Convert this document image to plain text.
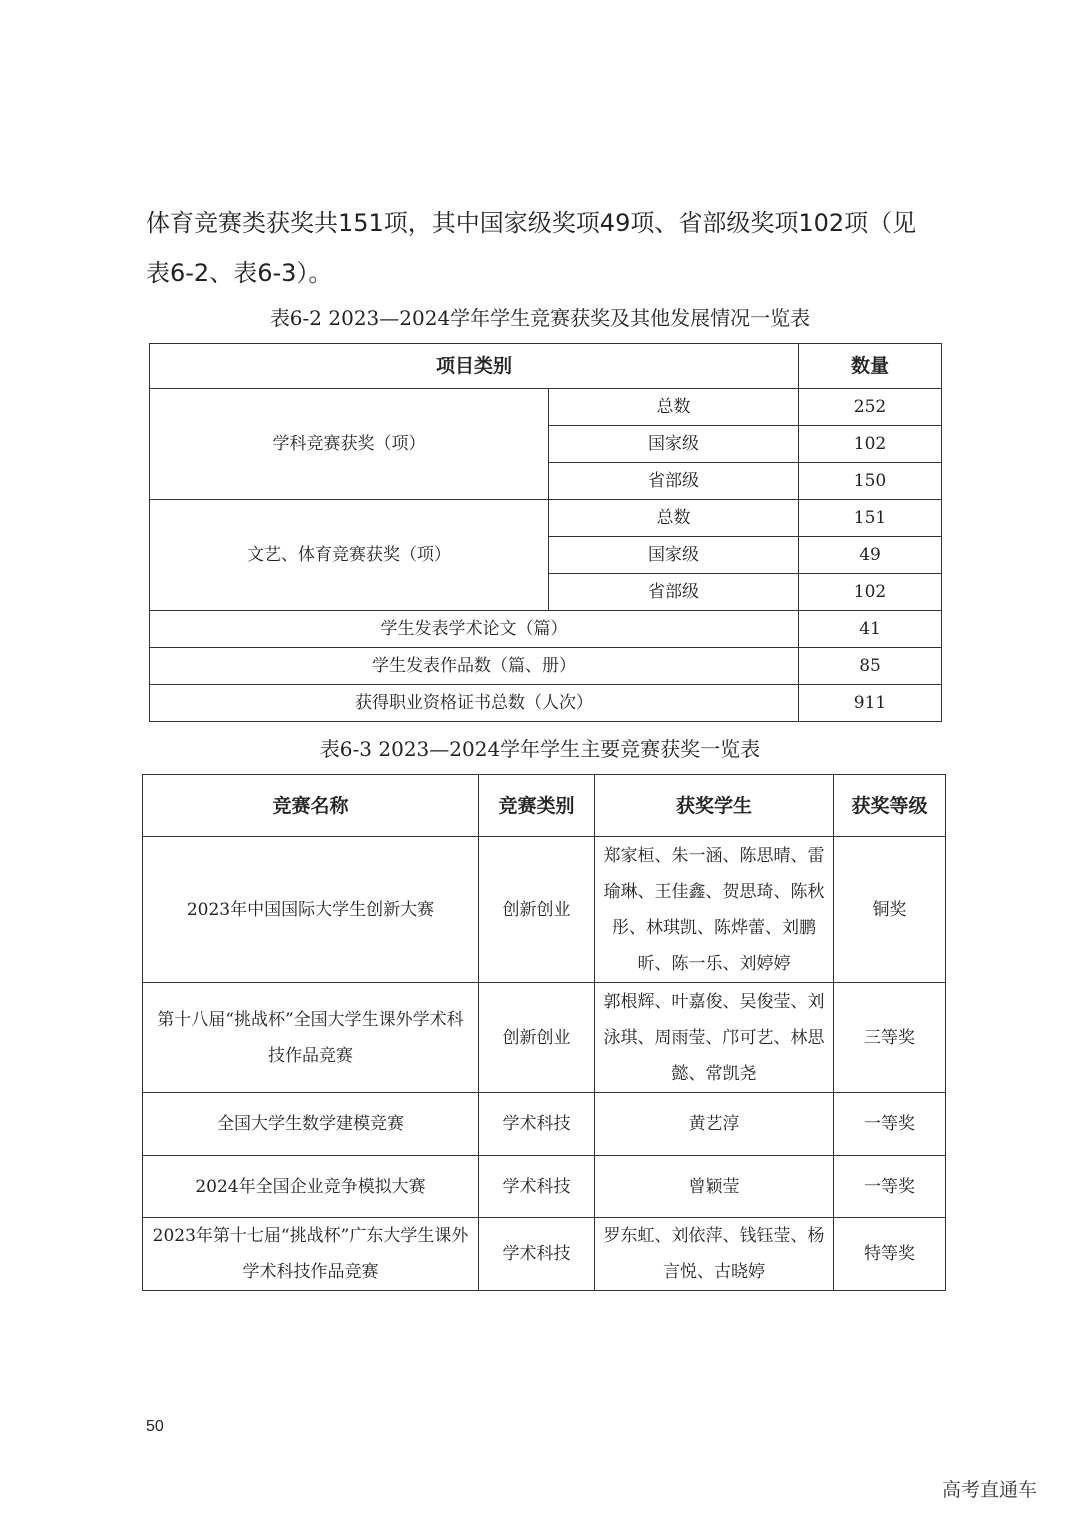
体育竞赛类获奖共151项，其中国家级奖项49项、省部级奖项102项（见
表6-2、表6-3）。
表6-2 2023—2024学年学生竞赛获奖及其他发展情况一览表
项目类别		数量
学科竞赛获奖（项）	总数	252
	国家级	102
	省部级	150
文艺、体育竞赛获奖（项）	总数	151
	国家级	49
	省部级	102
学生发表学术论文（篇）		41
学生发表作品数（篇、册）		85
获得职业资格证书总数（人次）		911
表6-3 2023—2024学年学生主要竞赛获奖一览表
竞赛名称	竞赛类别	获奖学生	获奖等级
2023年中国国际大学生创新大赛	创新创业	郑家桓、朱一涵、陈思晴、雷瑜琳、王佳鑫、贺思琦、陈秋彤、林琪凯、陈烨蕾、刘鹏昕、陈一乐、刘婷婷	铜奖
第十八届“挑战杯”全国大学生课外学术科技作品竞赛	创新创业	郭根辉、叶嘉俊、吴俊莹、刘泳琪、周雨莹、邝可艺、林思懿、常凯尧	三等奖
全国大学生数学建模竞赛	学术科技	黄艺淳	一等奖
2024年全国企业竞争模拟大赛	学术科技	曾颖莹	一等奖
2023年第十七届“挑战杯”广东大学生课外学术科技作品竞赛	学术科技	罗东虹、刘依萍、钱钰莹、杨言悦、古晓婷	特等奖
50
高考直通车
